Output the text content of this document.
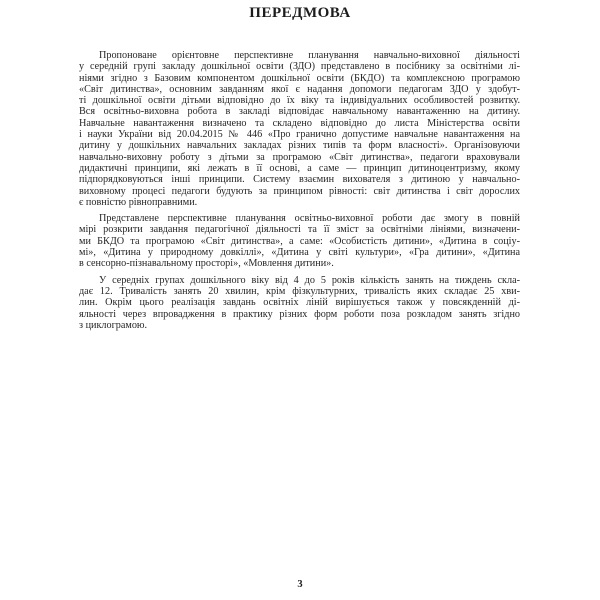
ПЕРЕДМОВА
Пропоноване орієнтовне перспективне планування навчально-виховної діяльності
у середній групі закладу дошкільної освіти (ЗДО) представлено в посібнику за освітніми лі-
ніями згідно з Базовим компонентом дошкільної освіти (БКДО) та комплексною програмою
«Світ дитинства», основним завданням якої є надання допомоги педагогам ЗДО у здобут-
ті дошкільної освіти дітьми відповідно до їх віку та індивідуальних особливостей розвитку.
Вся освітньо-виховна робота в закладі відповідає навчальному навантаженню на дитину.
Навчальне навантаження визначено та складено відповідно до листа Міністерства освіти
і науки України від 20.04.2015 № 446 «Про гранично допустиме навчальне навантаження на
дитину у дошкільних навчальних закладах різних типів та форм власності». Організовуючи
навчально-виховну роботу з дітьми за програмою «Світ дитинства», педагоги враховували
дидактичні принципи, які лежать в її основі, а саме — принцип дитиноцентризму, якому
підпорядковуються інші принципи. Систему взаємин вихователя з дитиною у навчально-
виховному процесі педагоги будують за принципом рівності: світ дитинства і світ дорослих
є повністю рівноправними.
Представлене перспективне планування освітньо-виховної роботи дає змогу в повній
мірі розкрити завдання педагогічної діяльності та її зміст за освітніми лініями, визначени-
ми БКДО та програмою «Світ дитинства», а саме: «Особистість дитини», «Дитина в соціу-
мі», «Дитина у природному довкіллі», «Дитина у світі культури», «Гра дитини», «Дитина
в сенсорно-пізнавальному просторі», «Мовлення дитини».
У середніх групах дошкільного віку від 4 до 5 років кількість занять на тиждень скла-
дає 12. Тривалість занять 20 хвилин, крім фізкультурних, тривалість яких складає 25 хви-
лин. Окрім цього реалізація завдань освітніх ліній вирішується також у повсякденній ді-
яльності через впровадження в практику різних форм роботи поза розкладом занять згідно
з циклограмою.
3
